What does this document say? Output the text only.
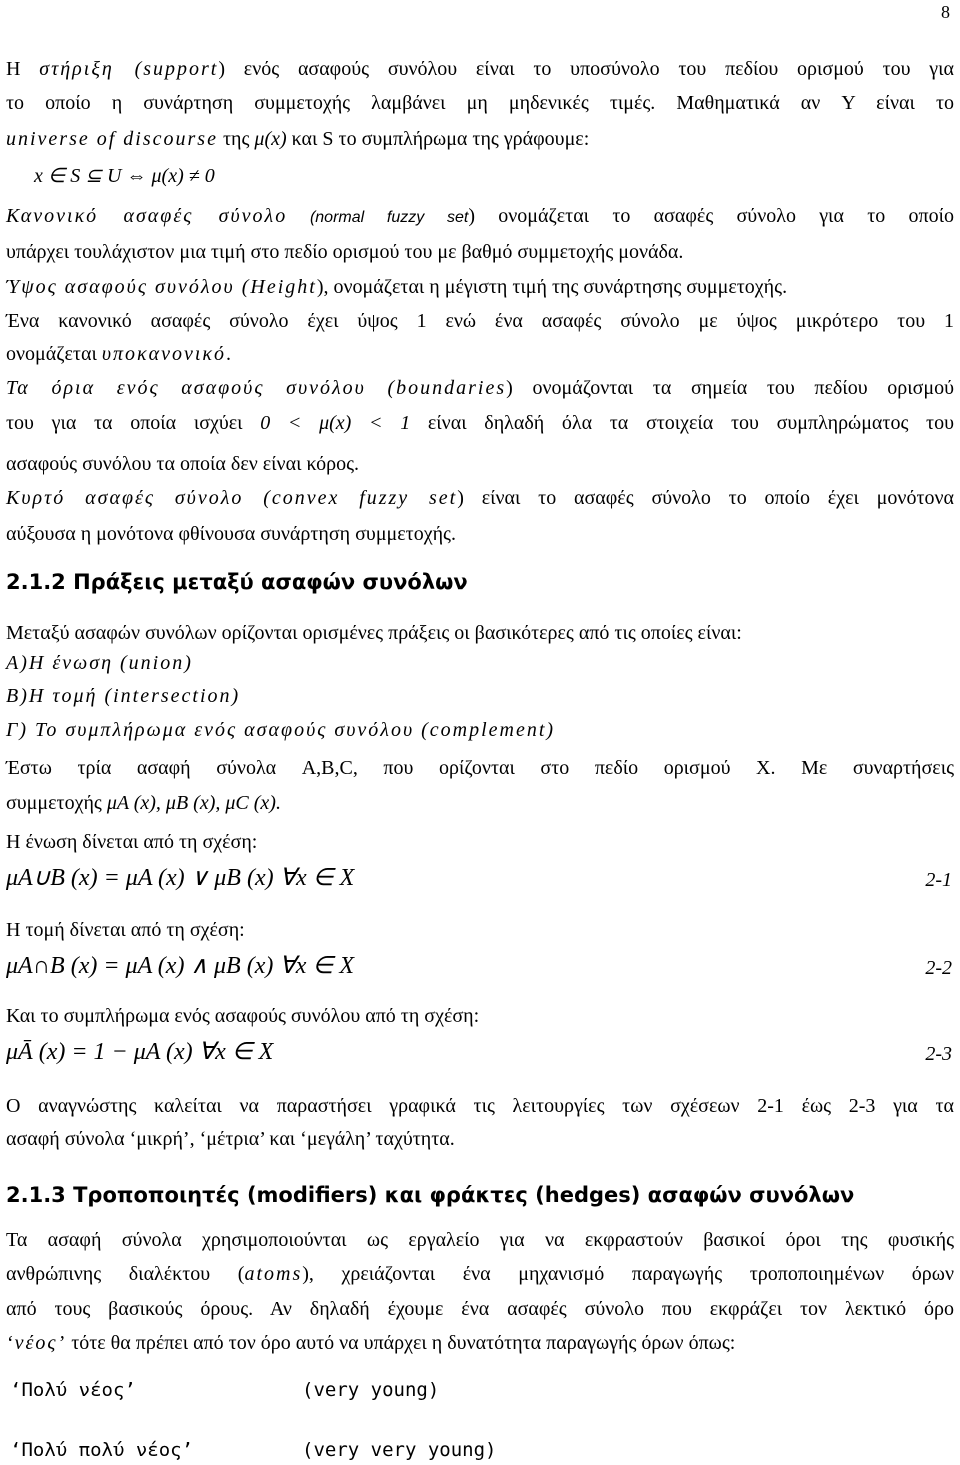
8
Η στήριξη (support) ενός ασαφούς συνόλου είναι το υποσύνολο του πεδίου ορισμού του για
το οποίο η συνάρτηση συμμετοχής λαμβάνει μη μηδενικές τιμές. Μαθηματικά αν Y είναι το
universe of discourse της μ(x) και S το συμπλήρωμα της γράφουμε:
x ∈ S ⊆ U ⇔ μ(x) ≠ 0
Κανονικό ασαφές σύνολο (normal fuzzy set) ονομάζεται το ασαφές σύνολο για το οποίο
υπάρχει τουλάχιστον μια τιμή στο πεδίο ορισμού του με βαθμό συμμετοχής μονάδα.
Ύψος ασαφούς συνόλου (Height), ονομάζεται η μέγιστη τιμή της συνάρτησης συμμετοχής.
Ένα κανονικό ασαφές σύνολο έχει ύψος 1 ενώ ένα ασαφές σύνολο με ύψος μικρότερο του 1
ονομάζεται υποκανονικό.
Τα όρια ενός ασαφούς συνόλου (boundaries) ονομάζονται τα σημεία του πεδίου ορισμού
του για τα οποία ισχύει 0 < μ(x) < 1 είναι δηλαδή όλα τα στοιχεία του συμπληρώματος του
ασαφούς συνόλου τα οποία δεν είναι κόρος.
Κυρτό ασαφές σύνολο (convex fuzzy set) είναι το ασαφές σύνολο το οποίο έχει μονότονα
αύξουσα η μονότονα φθίνουσα συνάρτηση συμμετοχής.
2.1.2 Πράξεις μεταξύ ασαφών συνόλων
Μεταξύ ασαφών συνόλων ορίζονται ορισμένες πράξεις οι βασικότερες από τις οποίες είναι:
Α)Η ένωση (union)
Β)Η τομή (intersection)
Γ) Το συμπλήρωμα ενός ασαφούς συνόλου (complement)
Έστω τρία ασαφή σύνολα A,B,C, που ορίζονται στο πεδίο ορισμού X. Με συναρτήσεις
συμμετοχής μA (x), μB (x), μC (x).
Η ένωση δίνεται από τη σχέση:
μA∪B (x) = μA (x) ∨ μB (x) ∀x ∈ X	2-1
Η τομή δίνεται από τη σχέση:
μA∩B (x) = μA (x) ∧ μB (x) ∀x ∈ X	2-2
Και το συμπλήρωμα ενός ασαφούς συνόλου από τη σχέση:
μĀ (x) = 1 − μA (x) ∀x ∈ X	2-3
Ο αναγνώστης καλείται να παραστήσει γραφικά τις λειτουργίες των σχέσεων 2-1 έως 2-3 για τα
ασαφή σύνολα ‘μικρή’, ‘μέτρια’ και ‘μεγάλη’ ταχύτητα.
2.1.3 Τροποποιητές (modifiers) και φράκτες (hedges) ασαφών συνόλων
Τα ασαφή σύνολα χρησιμοποιούνται ως εργαλείο για να εκφραστούν βασικοί όροι της φυσικής
ανθρώπινης διαλέκτου (atoms), χρειάζονται ένα μηχανισμό παραγωγής τροποποιημένων όρων
από τους βασικούς όρους. Αν δηλαδή έχουμε ένα ασαφές σύνολο που εκφράζει τον λεκτικό όρο
‘νέος’ τότε θα πρέπει από τον όρο αυτό να υπάρχει η δυνατότητα παραγωγής όρων όπως:
‘Πολύ νέος’	(very young)
‘Πολύ πολύ νέος’	(very very young)
